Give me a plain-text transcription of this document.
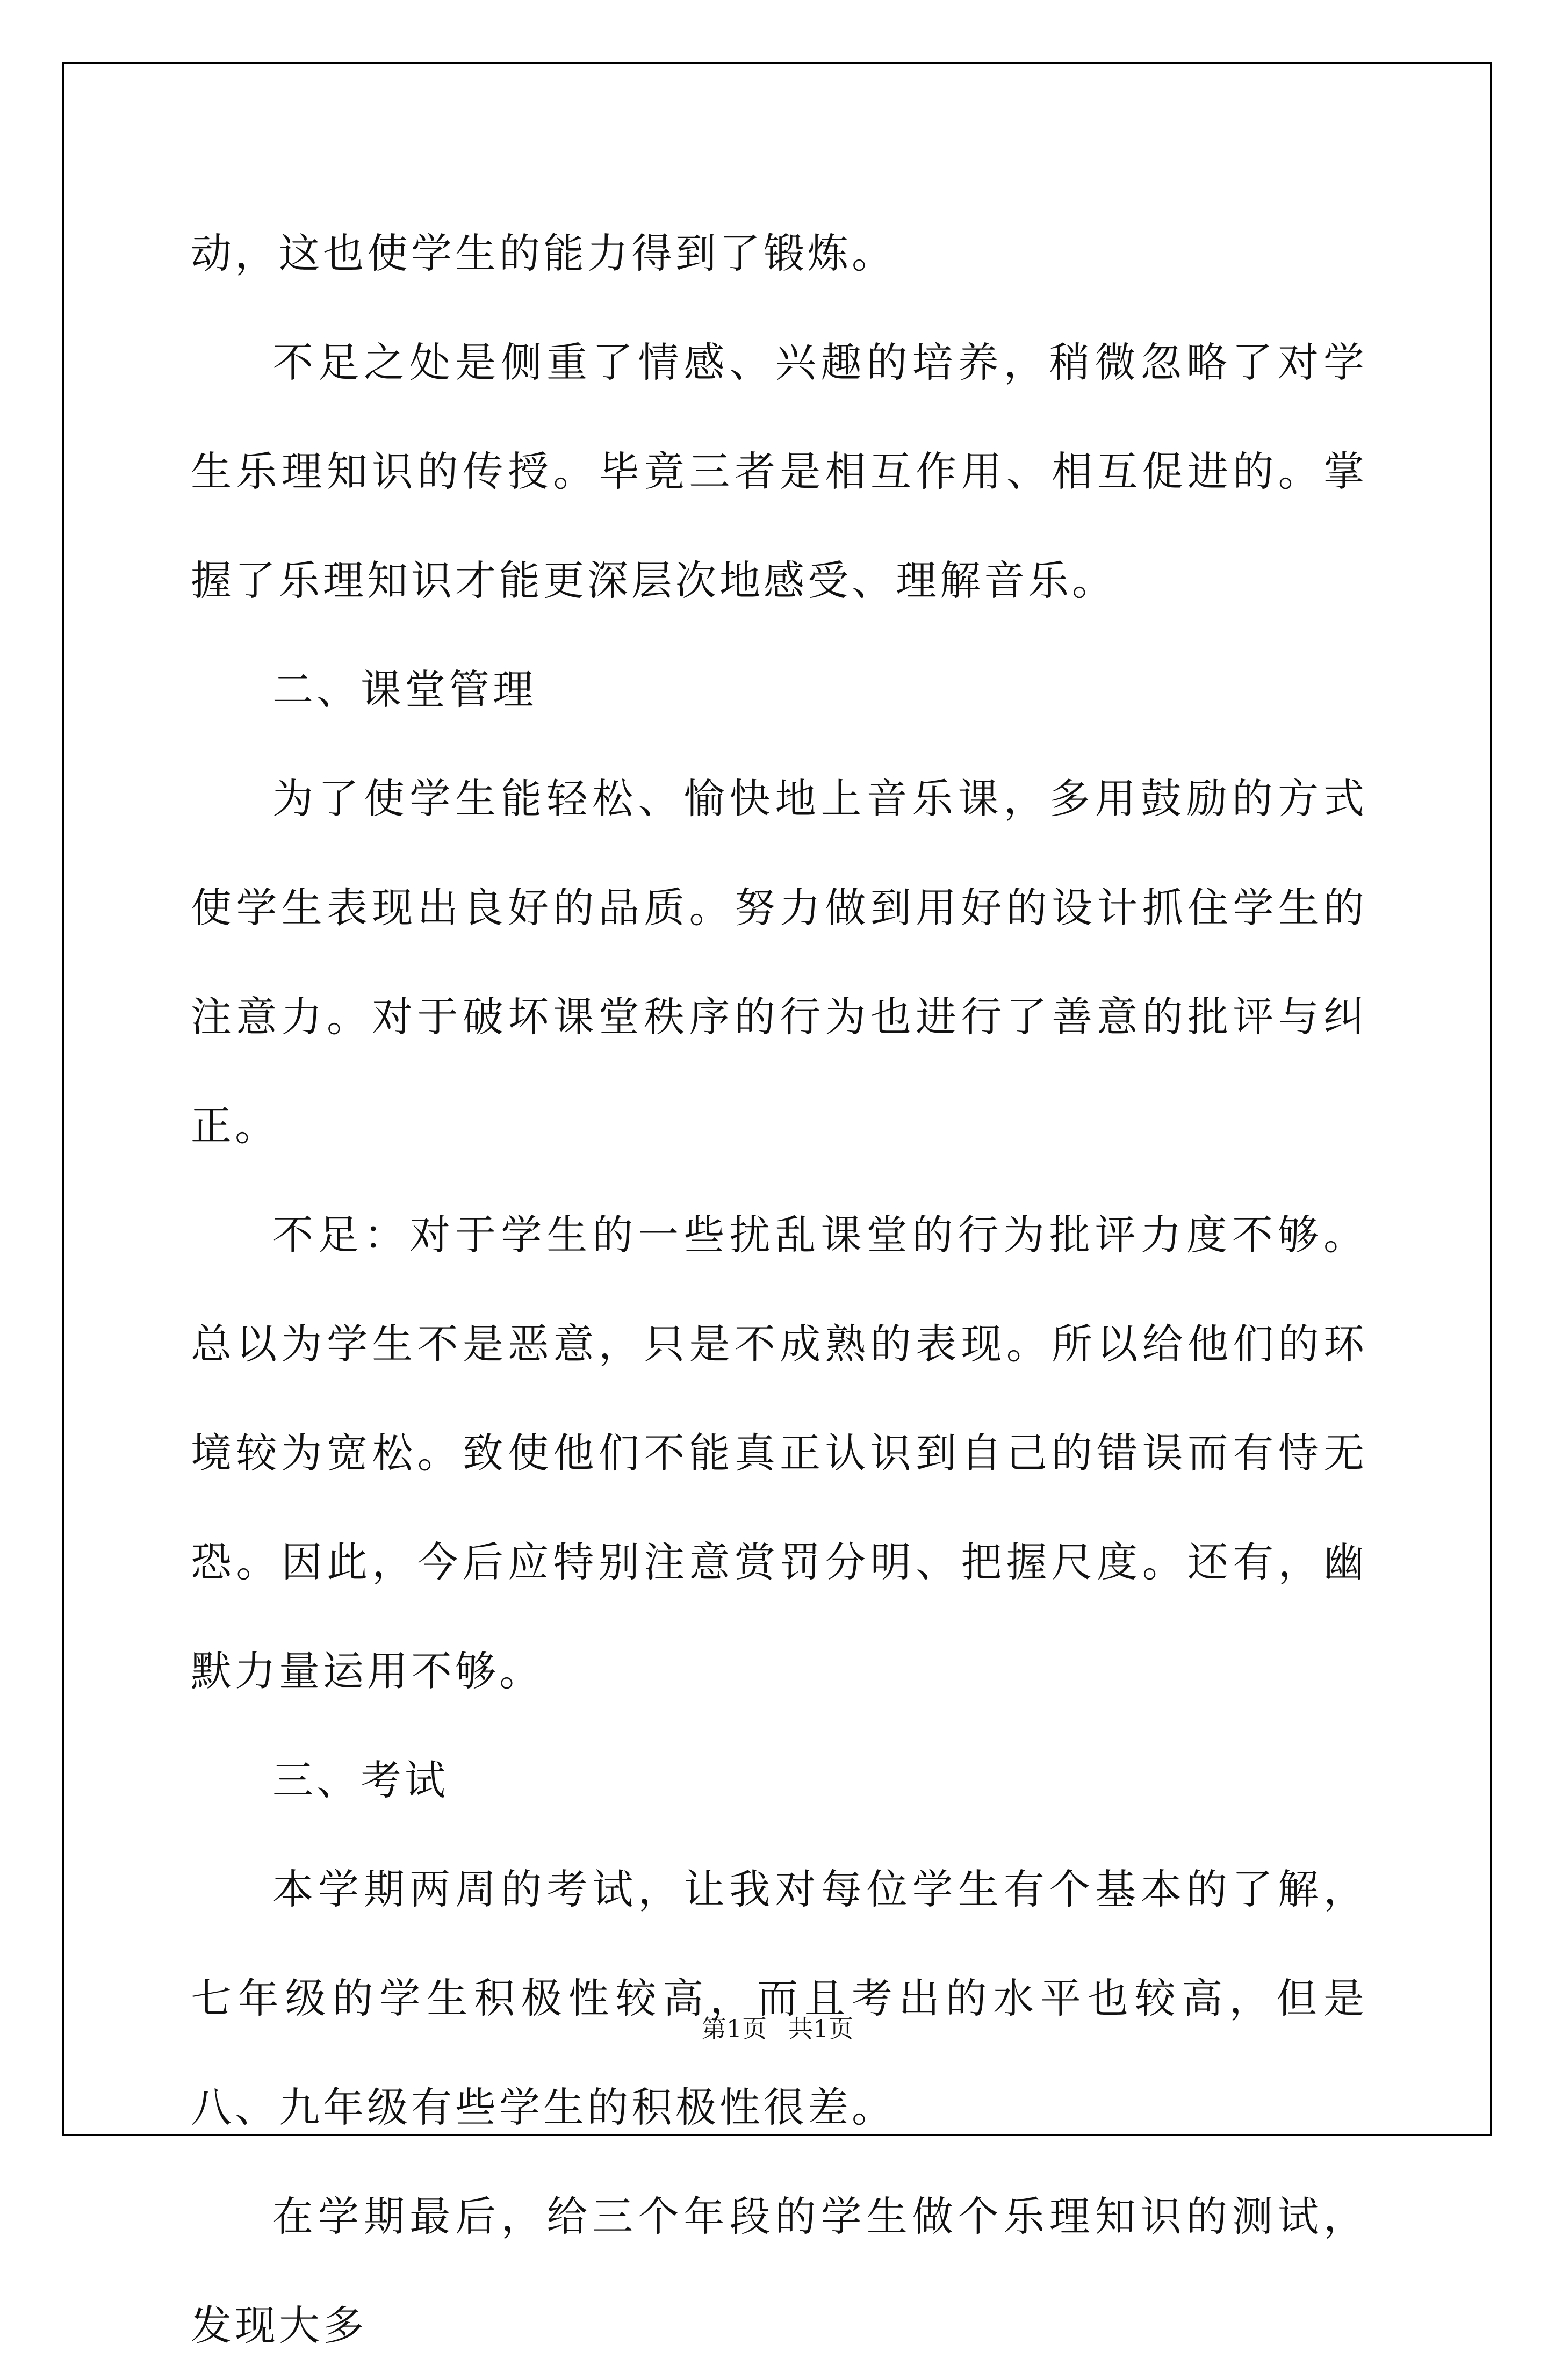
动，这也使学生的能力得到了锻炼。

不足之处是侧重了情感、兴趣的培养，稍微忽略了对学生乐理知识的传授。毕竟三者是相互作用、相互促进的。掌握了乐理知识才能更深层次地感受、理解音乐。

二、课堂管理

为了使学生能轻松、愉快地上音乐课，多用鼓励的方式使学生表现出良好的品质。努力做到用好的设计抓住学生的注意力。对于破坏课堂秩序的行为也进行了善意的批评与纠正。

不足：对于学生的一些扰乱课堂的行为批评力度不够。总以为学生不是恶意，只是不成熟的表现。所以给他们的环境较为宽松。致使他们不能真正认识到自己的错误而有恃无恐。因此，今后应特别注意赏罚分明、把握尺度。还有，幽默力量运用不够。

三、考试

本学期两周的考试，让我对每位学生有个基本的了解，七年级的学生积极性较高，而且考出的水平也较高，但是八、九年级有些学生的积极性很差。

在学期最后，给三个年段的学生做个乐理知识的测试，发现大多

第1页 共1页
